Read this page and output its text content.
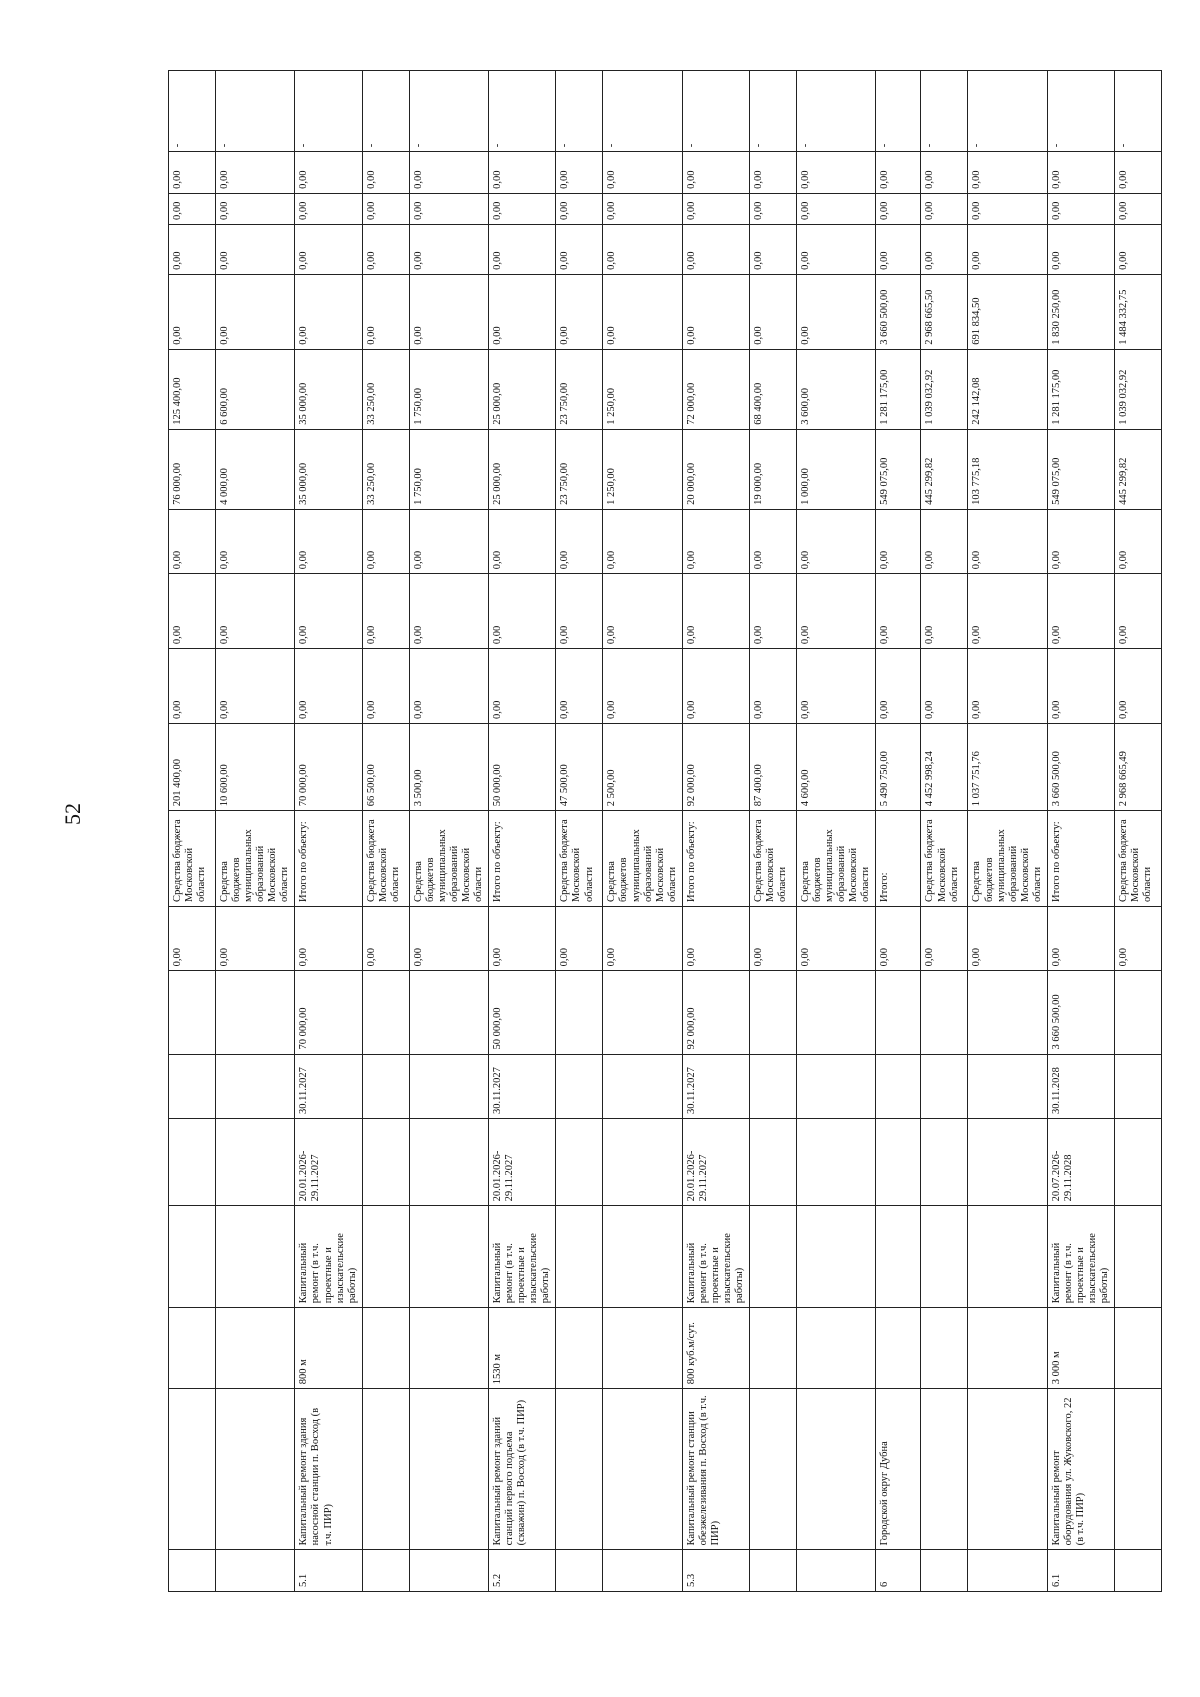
52
							0,00	Средства бюджета Московской области	201 400,00	0,00	0,00	0,00	76 000,00	125 400,00	0,00	0,00	0,00	0,00	-
							0,00	Средства бюджетов муниципальных образований Московской области	10 600,00	0,00	0,00	0,00	4 000,00	6 600,00	0,00	0,00	0,00	0,00	-
5.1	Капитальный ремонт здания насосной станции п. Восход (в т.ч. ПИР)	800 м	Капитальный ремонт (в т.ч. проектные и изыскательские работы)	20.01.2026-29.11.2027	30.11.2027	70 000,00	0,00	Итого по объекту:	70 000,00	0,00	0,00	0,00	35 000,00	35 000,00	0,00	0,00	0,00	0,00	-
							0,00	Средства бюджета Московской области	66 500,00	0,00	0,00	0,00	33 250,00	33 250,00	0,00	0,00	0,00	0,00	-
							0,00	Средства бюджетов муниципальных образований Московской области	3 500,00	0,00	0,00	0,00	1 750,00	1 750,00	0,00	0,00	0,00	0,00	-
5.2	Капитальный ремонт зданий станций первого подъема (скважин) п. Восход (в т.ч. ПИР)	1530 м	Капитальный ремонт (в т.ч. проектные и изыскательские работы)	20.01.2026-29.11.2027	30.11.2027	50 000,00	0,00	Итого по объекту:	50 000,00	0,00	0,00	0,00	25 000,00	25 000,00	0,00	0,00	0,00	0,00	-
							0,00	Средства бюджета Московской области	47 500,00	0,00	0,00	0,00	23 750,00	23 750,00	0,00	0,00	0,00	0,00	-
							0,00	Средства бюджетов муниципальных образований Московской области	2 500,00	0,00	0,00	0,00	1 250,00	1 250,00	0,00	0,00	0,00	0,00	-
5.3	Капитальный ремонт станции обезжелезивания п. Восход (в т.ч. ПИР)	800 куб.м/сут.	Капитальный ремонт (в т.ч. проектные и изыскательские работы)	20.01.2026-29.11.2027	30.11.2027	92 000,00	0,00	Итого по объекту:	92 000,00	0,00	0,00	0,00	20 000,00	72 000,00	0,00	0,00	0,00	0,00	-
							0,00	Средства бюджета Московской области	87 400,00	0,00	0,00	0,00	19 000,00	68 400,00	0,00	0,00	0,00	0,00	-
							0,00	Средства бюджетов муниципальных образований Московской области	4 600,00	0,00	0,00	0,00	1 000,00	3 600,00	0,00	0,00	0,00	0,00	-
6	Городской округ Дубна						0,00	Итого:	5 490 750,00	0,00	0,00	0,00	549 075,00	1 281 175,00	3 660 500,00	0,00	0,00	0,00	-
							0,00	Средства бюджета Московской области	4 452 998,24	0,00	0,00	0,00	445 299,82	1 039 032,92	2 968 665,50	0,00	0,00	0,00	-
							0,00	Средства бюджетов муниципальных образований Московской области	1 037 751,76	0,00	0,00	0,00	103 775,18	242 142,08	691 834,50	0,00	0,00	0,00	-
6.1	Капитальный ремонт оборудования ул. Жуковского, 22 (в т.ч. ПИР)	3 000 м	Капитальный ремонт (в т.ч. проектные и изыскательские работы)	20.07.2026-29.11.2028	30.11.2028	3 660 500,00	0,00	Итого по объекту:	3 660 500,00	0,00	0,00	0,00	549 075,00	1 281 175,00	1 830 250,00	0,00	0,00	0,00	-
							0,00	Средства бюджета Московской области	2 968 665,49	0,00	0,00	0,00	445 299,82	1 039 032,92	1 484 332,75	0,00	0,00	0,00	-
